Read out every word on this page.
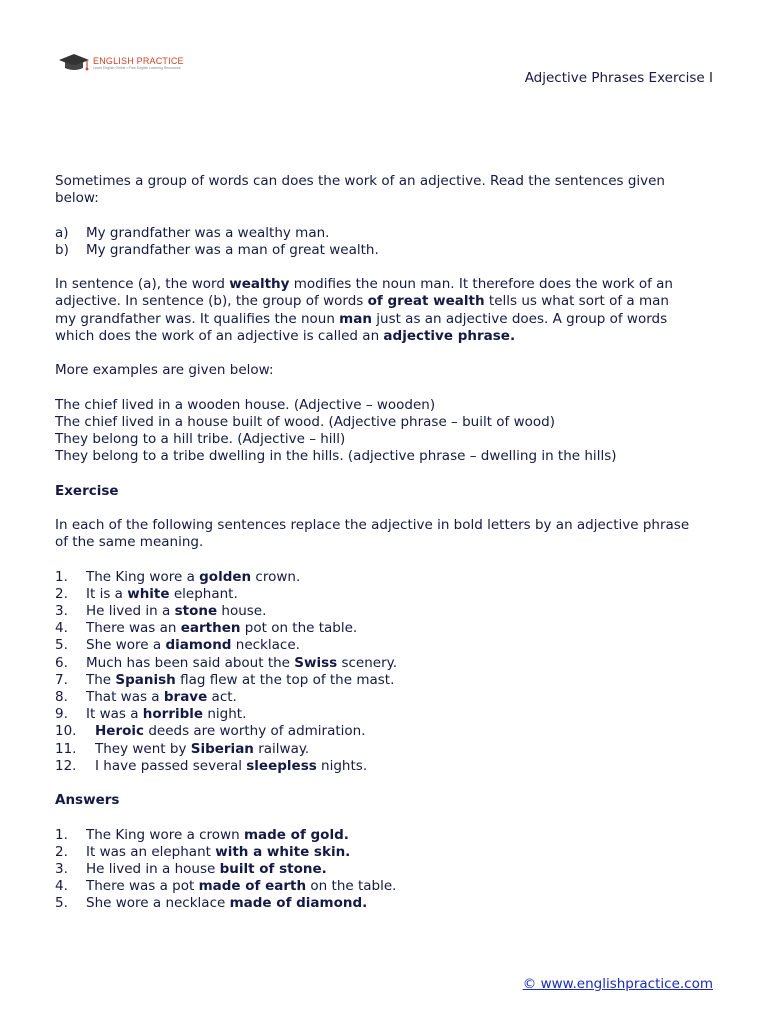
ENGLISH PRACTICE
Learn English Online • Free English Learning Resources
Adjective Phrases Exercise I

Sometimes a group of words can does the work of an adjective. Read the sentences given
below:

a)	My grandfather was a wealthy man.
b)	My grandfather was a man of great wealth.

In sentence (a), the word wealthy modifies the noun man. It therefore does the work of an
adjective. In sentence (b), the group of words of great wealth tells us what sort of a man
my grandfather was. It qualifies the noun man just as an adjective does. A group of words
which does the work of an adjective is called an adjective phrase.

More examples are given below:

The chief lived in a wooden house. (Adjective – wooden)
The chief lived in a house built of wood. (Adjective phrase – built of wood)
They belong to a hill tribe. (Adjective – hill)
They belong to a tribe dwelling in the hills. (adjective phrase – dwelling in the hills)

Exercise

In each of the following sentences replace the adjective in bold letters by an adjective phrase
of the same meaning.

1.	The King wore a golden crown.
2.	It is a white elephant.
3.	He lived in a stone house.
4.	There was an earthen pot on the table.
5.	She wore a diamond necklace.
6.	Much has been said about the Swiss scenery.
7.	The Spanish flag flew at the top of the mast.
8.	That was a brave act.
9.	It was a horrible night.
10.	Heroic deeds are worthy of admiration.
11.	They went by Siberian railway.
12.	I have passed several sleepless nights.

Answers

1.	The King wore a crown made of gold.
2.	It was an elephant with a white skin.
3.	He lived in a house built of stone.
4.	There was a pot made of earth on the table.
5.	She wore a necklace made of diamond.

© www.englishpractice.com
